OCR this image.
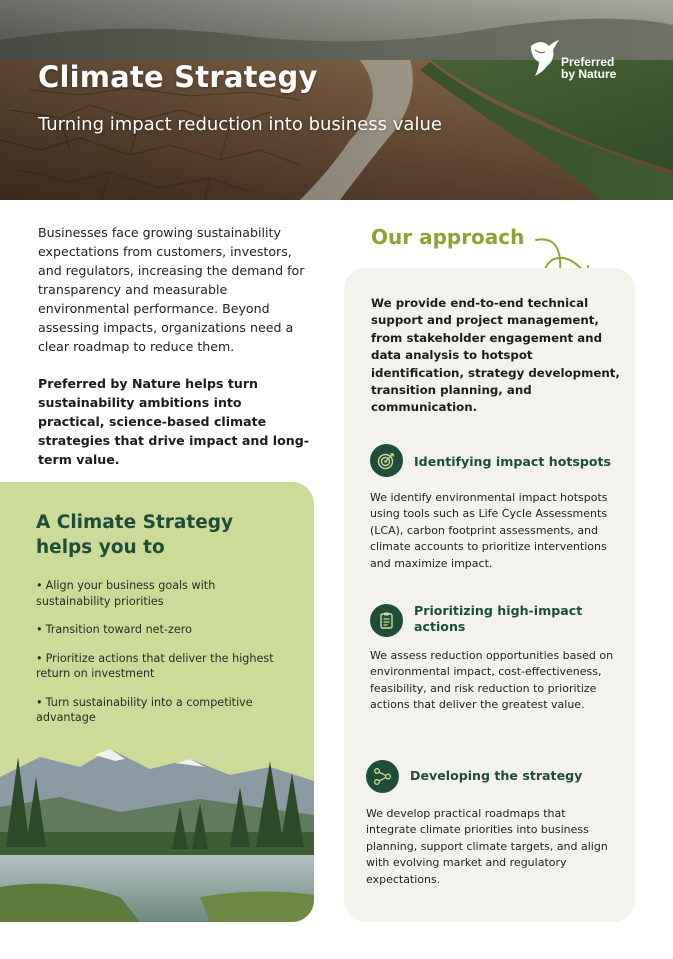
Climate Strategy
Turning impact reduction into business value
Preferred
by Nature

Businesses face growing sustainability expectations from customers, investors, and regulators, increasing the demand for transparency and measurable environmental performance. Beyond assessing impacts, organizations need a clear roadmap to reduce them.

Preferred by Nature helps turn sustainability ambitions into practical, science-based climate strategies that drive impact and long-term value.

A Climate Strategy helps you to
• Align your business goals with sustainability priorities
• Transition toward net-zero
• Prioritize actions that deliver the highest return on investment
• Turn sustainability into a competitive advantage
Our approach

We provide end-to-end technical support and project management, from stakeholder engagement and data analysis to hotspot identification, strategy development, transition planning, and communication.

Identifying impact hotspots

We identify environmental impact hotspots using tools such as Life Cycle Assessments (LCA), carbon footprint assessments, and climate accounts to prioritize interventions and maximize impact.

Prioritizing high-impact actions

We assess reduction opportunities based on environmental impact, cost-effectiveness, feasibility, and risk reduction to prioritize actions that deliver the greatest value.

Developing the strategy

We develop practical roadmaps that integrate climate priorities into business planning, support climate targets, and align with evolving market and regulatory expectations.
